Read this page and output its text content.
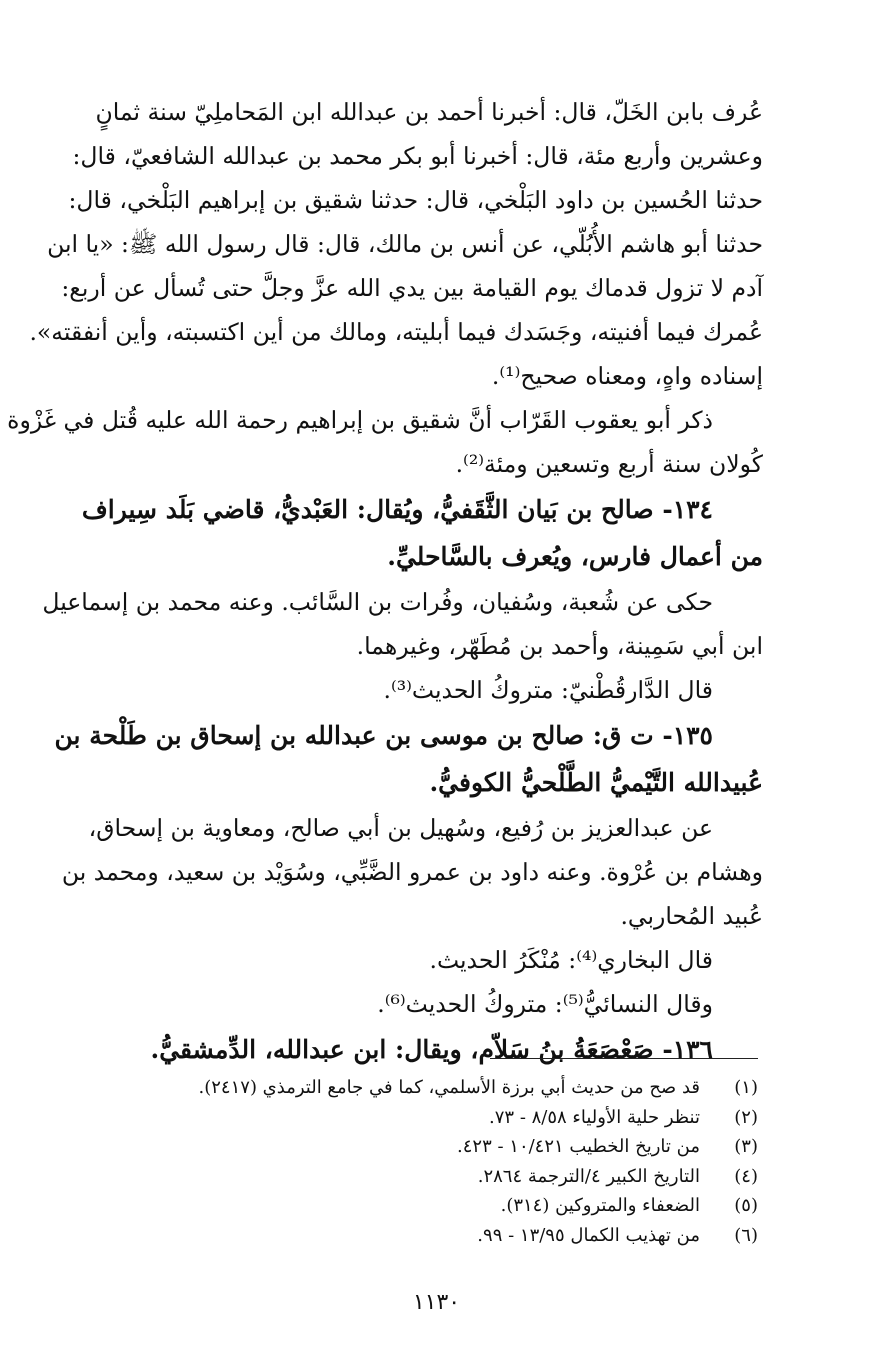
عُرف بابن الخَلّ، قال: أخبرنا أحمد بن عبدالله ابن المَحاملِيّ سنة ثمانٍ
وعشرين وأربع مئة، قال: أخبرنا أبو بكر محمد بن عبدالله الشافعيّ، قال:
حدثنا الحُسين بن داود البَلْخي، قال: حدثنا شقيق بن إبراهيم البَلْخي، قال:
حدثنا أبو هاشم الأُبُلّي، عن أنس بن مالك، قال: قال رسول الله ﷺ: «يا ابن
آدم لا تزول قدماك يوم القيامة بين يدي الله عزَّ وجلَّ حتى تُسأل عن أربع:
عُمرك فيما أفنيته، وجَسَدك فيما أبليته، ومالك من أين اكتسبته، وأين أنفقته».
إسناده واهٍ، ومعناه صحيح⁽¹⁾.
ذكر أبو يعقوب القَرّاب أنَّ شقيق بن إبراهيم رحمة الله عليه قُتل في غَزْوة
كُولان سنة أربع وتسعين ومئة⁽²⁾.
١٣٤- صالح بن بَيان الثَّقَفيُّ، ويُقال: العَبْديُّ، قاضي بَلَد سِيراف
من أعمال فارس، ويُعرف بالسَّاحليِّ.
حكى عن شُعبة، وسُفيان، وفُرات بن السَّائب. وعنه محمد بن إسماعيل
ابن أبي سَمِينة، وأحمد بن مُطَهّر، وغيرهما.
قال الدَّارقُطْنيّ: متروكُ الحديث⁽³⁾.
١٣٥- ت ق: صالح بن موسى بن عبدالله بن إسحاق بن طَلْحة بن
عُبيدالله التَّيْميُّ الطَّلْحيُّ الكوفيُّ.
عن عبدالعزيز بن رُفيع، وسُهيل بن أبي صالح، ومعاوية بن إسحاق،
وهشام بن عُرْوة. وعنه داود بن عمرو الضَّبِّي، وسُوَيْد بن سعيد، ومحمد بن
عُبيد المُحاربي.
قال البخاري⁽⁴⁾: مُنْكَرُ الحديث.
وقال النسائيُّ⁽⁵⁾: متروكُ الحديث⁽⁶⁾.
١٣٦- صَعْصَعَةُ بنُ سَلاّم، ويقال: ابن عبدالله، الدِّمشقيُّ.
(١)
قد صح من حديث أبي برزة الأسلمي، كما في جامع الترمذي (٢٤١٧).
(٢)
تنظر حلية الأولياء ٨/٥٨ - ٧٣.
(٣)
من تاريخ الخطيب ١٠/٤٢١ - ٤٢٣.
(٤)
التاريخ الكبير ٤/الترجمة ٢٨٦٤.
(٥)
الضعفاء والمتروكين (٣١٤).
(٦)
من تهذيب الكمال ١٣/٩٥ - ٩٩.
١١٣٠
